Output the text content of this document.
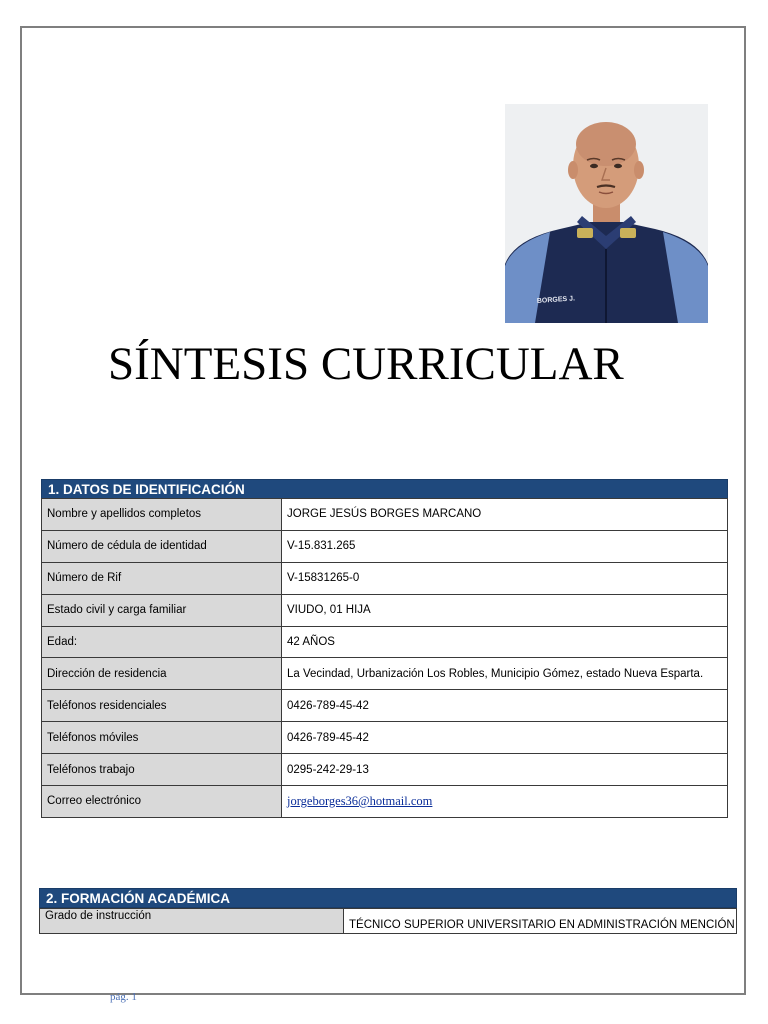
BORGES J.
SÍNTESIS CURRICULAR
1. DATOS DE IDENTIFICACIÓN
Nombre y apellidos completos	JORGE JESÚS BORGES MARCANO
Número de cédula de identidad	V-15.831.265
Número de Rif	V-15831265-0
Estado civil y carga familiar	VIUDO, 01 HIJA
Edad:	42 AÑOS
Dirección de residencia	La Vecindad, Urbanización Los Robles, Municipio Gómez, estado Nueva Esparta.
Teléfonos residenciales	0426-789-45-42
Teléfonos móviles	0426-789-45-42
Teléfonos trabajo	0295-242-29-13
Correo electrónico	jorgeborges36@hotmail.com
2. FORMACIÓN ACADÉMICA
Grado de instrucción	TÉCNICO SUPERIOR UNIVERSITARIO EN ADMINISTRACIÓN MENCIÓN
pág. 1
